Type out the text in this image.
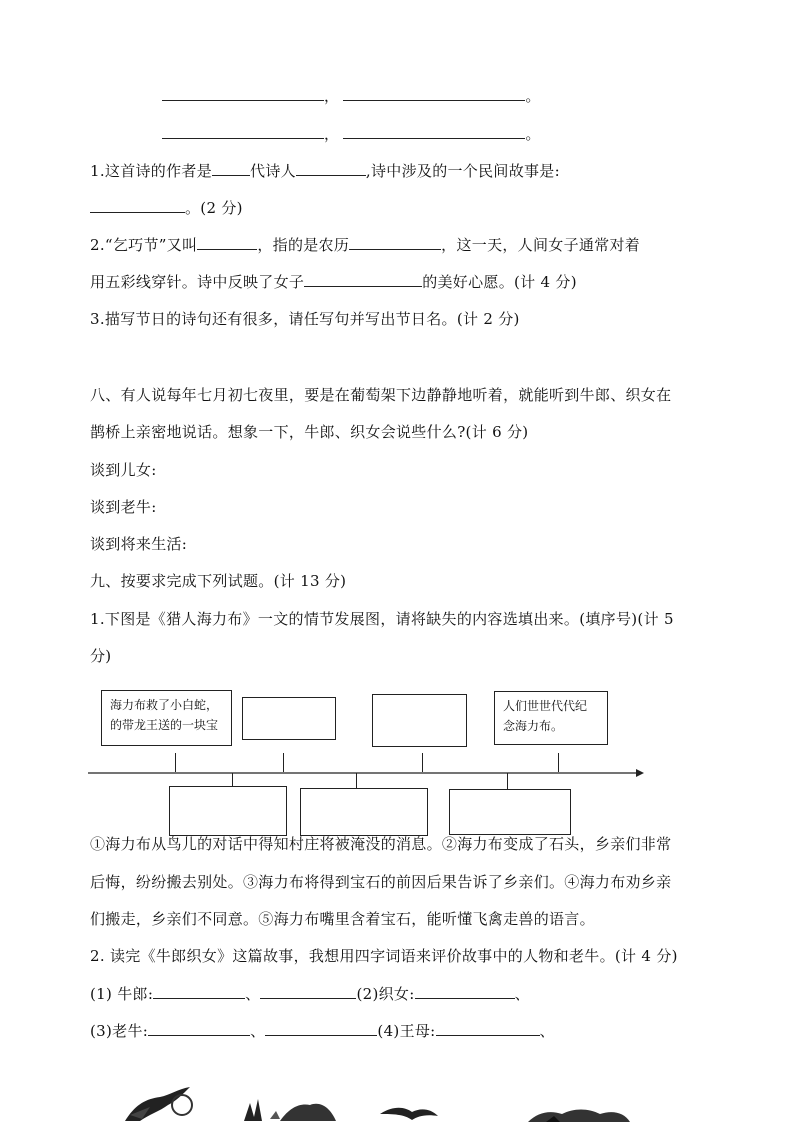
，	。
，	。
1.这首诗的作者是	代诗人	,诗中涉及的一个民间故事是:
。(2 分)
2.“乞巧节”又叫	，指的是农历	，这一天，人间女子通常对着
用五彩线穿针。诗中反映了女子	的美好心愿。(计 4 分)
3.描写节日的诗句还有很多，请任写句并写出节日名。(计 2 分)
八、有人说每年七月初七夜里，要是在葡萄架下边静静地听着，就能听到牛郎、织女在
鹊桥上亲密地说话。想象一下，牛郎、织女会说些什么?(计 6 分)
谈到儿女:
谈到老牛:
谈到将来生活:
九、按要求完成下列试题。(计 13 分)
1.下图是《猎人海力布》一文的情节发展图，请将缺失的内容选填出来。(填序号)(计 5
分)
海力布救了小白蛇，
的带龙王送的一块宝
人们世世代代纪
念海力布。
①海力布从鸟儿的对话中得知村庄将被淹没的消息。②海力布变成了石头，乡亲们非常
后悔，纷纷搬去别处。③海力布将得到宝石的前因后果告诉了乡亲们。④海力布劝乡亲
们搬走，乡亲们不同意。⑤海力布嘴里含着宝石，能听懂飞禽走兽的语言。
2. 读完《牛郎织女》这篇故事，我想用四字词语来评价故事中的人物和老牛。(计 4 分)
(1) 牛郎:	、	(2)织女:	、
(3)老牛:	、	(4)王母:	、
